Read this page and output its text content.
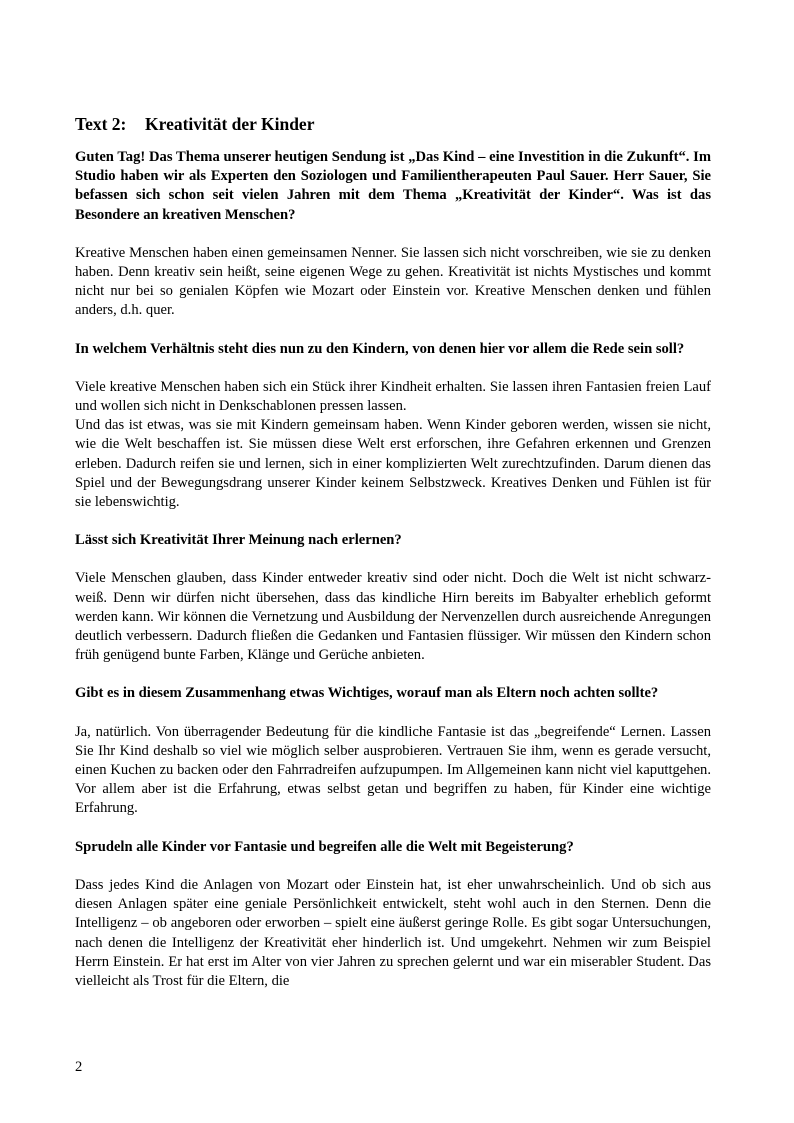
Text 2: Kreativität der Kinder

Guten Tag! Das Thema unserer heutigen Sendung ist „Das Kind – eine Investition in die Zukunft“. Im Studio haben wir als Experten den Soziologen und Familientherapeuten Paul Sauer. Herr Sauer, Sie befassen sich schon seit vielen Jahren mit dem Thema „Kreativität der Kinder“. Was ist das Besondere an kreativen Menschen?

Kreative Menschen haben einen gemeinsamen Nenner. Sie lassen sich nicht vorschreiben, wie sie zu denken haben. Denn kreativ sein heißt, seine eigenen Wege zu gehen. Kreativität ist nichts Mystisches und kommt nicht nur bei so genialen Köpfen wie Mozart oder Einstein vor. Kreative Menschen denken und fühlen anders, d.h. quer.

In welchem Verhältnis steht dies nun zu den Kindern, von denen hier vor allem die Rede sein soll?

Viele kreative Menschen haben sich ein Stück ihrer Kindheit erhalten. Sie lassen ihren Fantasien freien Lauf und wollen sich nicht in Denkschablonen pressen lassen.

Und das ist etwas, was sie mit Kindern gemeinsam haben. Wenn Kinder geboren werden, wissen sie nicht, wie die Welt beschaffen ist. Sie müssen diese Welt erst erforschen, ihre Gefahren erkennen und Grenzen erleben. Dadurch reifen sie und lernen, sich in einer komplizierten Welt zurechtzufinden. Darum dienen das Spiel und der Bewegungsdrang unserer Kinder keinem Selbstzweck. Kreatives Denken und Fühlen ist für sie lebenswichtig.

Lässt sich Kreativität Ihrer Meinung nach erlernen?

Viele Menschen glauben, dass Kinder entweder kreativ sind oder nicht. Doch die Welt ist nicht schwarz-weiß. Denn wir dürfen nicht übersehen, dass das kindliche Hirn bereits im Babyalter erheblich geformt werden kann. Wir können die Vernetzung und Ausbildung der Nervenzellen durch ausreichende Anregungen deutlich verbessern. Dadurch fließen die Gedanken und Fantasien flüssiger. Wir müssen den Kindern schon früh genügend bunte Farben, Klänge und Gerüche anbieten.

Gibt es in diesem Zusammenhang etwas Wichtiges, worauf man als Eltern noch achten sollte?

Ja, natürlich. Von überragender Bedeutung für die kindliche Fantasie ist das „begreifende“ Lernen. Lassen Sie Ihr Kind deshalb so viel wie möglich selber ausprobieren. Vertrauen Sie ihm, wenn es gerade versucht, einen Kuchen zu backen oder den Fahrradreifen aufzupumpen. Im Allgemeinen kann nicht viel kaputtgehen. Vor allem aber ist die Erfahrung, etwas selbst getan und begriffen zu haben, für Kinder eine wichtige Erfahrung.

Sprudeln alle Kinder vor Fantasie und begreifen alle die Welt mit Begeisterung?

Dass jedes Kind die Anlagen von Mozart oder Einstein hat, ist eher unwahrscheinlich. Und ob sich aus diesen Anlagen später eine geniale Persönlichkeit entwickelt, steht wohl auch in den Sternen. Denn die Intelligenz – ob angeboren oder erworben – spielt eine äußerst geringe Rolle. Es gibt sogar Untersuchungen, nach denen die Intelligenz der Kreativität eher hinderlich ist. Und umgekehrt. Nehmen wir zum Beispiel Herrn Einstein. Er hat erst im Alter von vier Jahren zu sprechen gelernt und war ein miserabler Student. Das vielleicht als Trost für die Eltern, die

2
